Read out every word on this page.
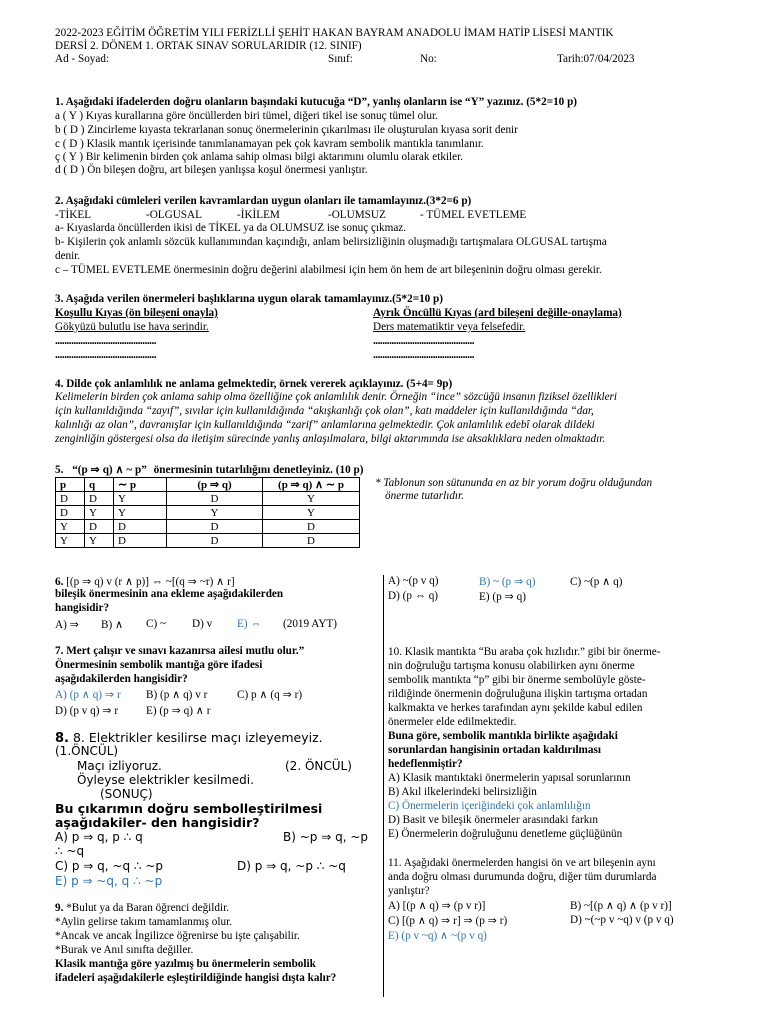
2022-2023 EĞİTİM ÖĞRETİM YILI FERİZLLİ ŞEHİT HAKAN BAYRAM ANADOLU İMAM HATİP LİSESİ MANTIK
DERSİ 2. DÖNEM 1. ORTAK SINAV SORULARIDIR (12. SINIF)
Ad - Soyad:	Sınıf:	No:	Tarih:07/04/2023
1. Aşağıdaki ifadelerden doğru olanların başındaki kutucuğa “D”, yanlış olanların ise “Y” yazınız. (5*2=10 p)
a ( Y ) Kıyas kurallarına göre öncüllerden biri tümel, diğeri tikel ise sonuç tümel olur.
b ( D ) Zincirleme kıyasta tekrarlanan sonuç önermelerinin çıkarılması ile oluşturulan kıyasa sorit denir
c ( D ) Klasik mantık içerisinde tanımlanamayan pek çok kavram sembolik mantıkla tanımlanır.
ç ( Y ) Bir kelimenin birden çok anlama sahip olması bilgi aktarımını olumlu olarak etkiler.
d ( D ) Ön bileşen doğru, art bileşen yanlışsa koşul önermesi yanlıştır.
2. Aşağıdaki cümleleri verilen kavramlardan uygun olanları ile tamamlayınız.(3*2=6 p)
-TİKEL	-OLGUSAL	-İKİLEM	-OLUMSUZ	- TÜMEL EVETLEME
a- Kıyaslarda öncüllerden ikisi de TİKEL ya da OLUMSUZ ise sonuç çıkmaz.
b- Kişilerin çok anlamlı sözcük kullanımından kaçındığı, anlam belirsizliğinin oluşmadığı tartışmalara OLGUSAL tartışma
denir.
c – TÜMEL EVETLEME önermesinin doğru değerini alabilmesi için hem ön hem de art bileşeninin doğru olması gerekir.
3. Aşağıda verilen önermeleri başlıklarına uygun olarak tamamlayınız.(5*2=10 p)
Koşullu Kıyas (ön bileşeni onayla)	Ayrık Öncüllü Kıyas (ard bileşeni değille-onaylama)
Gökyüzü bulutlu ise hava serindir.	Ders matematiktir veya felsefedir.
............................................	............................................
............................................	............................................
4. Dilde çok anlamlılık ne anlama gelmektedir, örnek vererek açıklayınız. (5+4= 9p)
Kelimelerin birden çok anlama sahip olma özelliğine çok anlamlılık denir. Örneğin “ince” sözcüğü insanın fiziksel özellikleri
için kullanıldığında “zayıf”, sıvılar için kullanıldığında “akışkanlığı çok olan”, katı maddeler için kullanıldığında “dar,
kalınlığı az olan”, davranışlar için kullanıldığında “zarif” anlamlarına gelmektedir. Çok anlamlılık edebî olarak dildeki
zenginliğin göstergesi olsa da iletişim sürecinde yanlış anlaşılmalara, bilgi aktarımında ise aksaklıklara neden olmaktadır.
5. “(p ⇒ q) ∧ ~ p” önermesinin tutarlılığını denetleyiniz. (10 p)
* Tablonun son sütununda en az bir yorum doğru olduğundan
önerme tutarlıdır.
p	q	∼ p	(p ⇒ q)	(p ⇒ q) ∧ ∼ p
D	D	Y	D	Y
D	Y	Y	Y	Y
Y	D	D	D	D
Y	Y	D	D	D
6. [(p ⇒ q) v (r ∧ p)] ⇔ ~[(q ⇒ ~r) ∧ r]
bileşik önermesinin ana ekleme aşağıdakilerden
hangisidir?
A) ⇒ B) ∧ C) ~ D) v E) ⇔ (2019 AYT)
7. Mert çalışır ve sınavı kazanırsa ailesi mutlu olur.”
Önermesinin sembolik mantığa göre ifadesi
aşağıdakilerden hangisidir?
A) (p ∧ q) ⇒ r B) (p ∧ q) v r	C) p ∧ (q ⇒ r)
D) (p v q) ⇒ r E) (p ⇒ q) ∧ r
8. 8. Elektrikler kesilirse maçı izleyemeyiz.
(1.ÖNCÜL)
Maçı izliyoruz.	(2. ÖNCÜL)
Öyleyse elektrikler kesilmedi.
(SONUÇ)
Bu çıkarımın doğru sembolleştirilmesi
aşağıdakiler- den hangisidir?
A) p ⇒ q, p ∴ q	B) ~p ⇒ q, ~p
∴ ~q
C) p ⇒ q, ~q ∴ ~p	D) p ⇒ q, ~p ∴ ~q
E) p ⇒ ~q, q ∴ ~p
9. *Bulut ya da Baran öğrenci değildir.
*Aylin gelirse takım tamamlanmış olur.
*Ancak ve ancak İngilizce öğrenirse bu işte çalışabilir.
*Burak ve Anıl sınıfta değiller.
Klasik mantığa göre yazılmış bu önermelerin sembolik
ifadeleri aşağıdakilerle eşleştirildiğinde hangisi dışta kalır?
A) ~(p v q)	B) ~ (p ⇒ q)	C) ~(p ∧ q)
D) (p ⇔ q)	E) (p ⇒ q)
10. Klasik mantıkta “Bu araba çok hızlıdır.” gibi bir önerme-
nin doğruluğu tartışma konusu olabilirken aynı önerme
sembolik mantıkta “p” gibi bir önerme sembolüyle göste-
rildiğinde önermenin doğruluğuna ilişkin tartışma ortadan
kalkmakta ve herkes tarafından aynı şekilde kabul edilen
önermeler elde edilmektedir.
Buna göre, sembolik mantıkla birlikte aşağıdaki
sorunlardan hangisinin ortadan kaldırılması
hedeflenmiştir?
A) Klasik mantıktaki önermelerin yapısal sorunlarının
B) Akıl ilkelerindeki belirsizliğin
C) Önermelerin içeriğindeki çok anlamlılığın
D) Basit ve bileşik önermeler arasındaki farkın
E) Önermelerin doğruluğunu denetleme güçlüğünün
11. Aşağıdaki önermelerden hangisi ön ve art bileşenin aynı
anda doğru olması durumunda doğru, diğer tüm durumlarda
yanlıştır?
A) [(p ∧ q) ⇒ (p v r)]	B) ~[(p ∧ q) ∧ (p v r)]
C) [(p ∧ q) ⇒ r] ⇒ (p ⇒ r)	D) ~(~p v ~q) v (p v q)
E) (p v ~q) ∧ ~(p v q)
